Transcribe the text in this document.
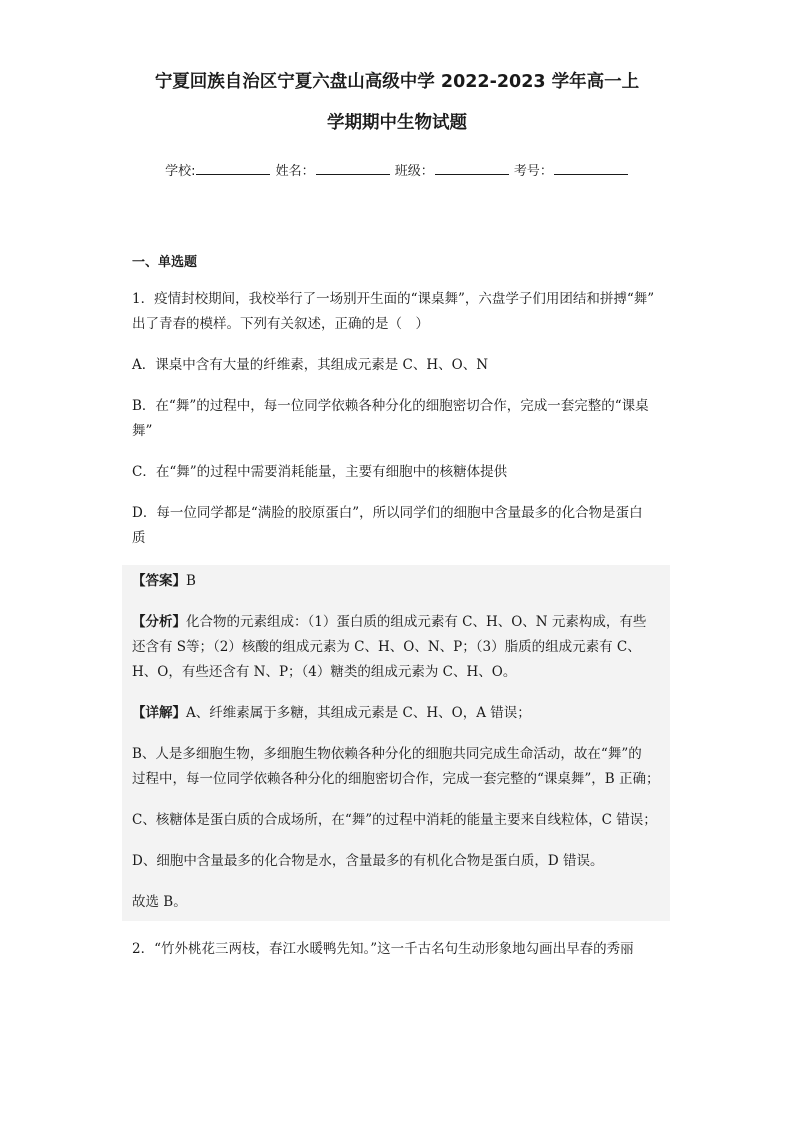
宁夏回族自治区宁夏六盘山高级中学 2022-2023 学年高一上

学期期中生物试题

学校:	姓名：	班级：	考号：
一、单选题

1．疫情封校期间，我校举行了一场别开生面的“课桌舞”，六盘学子们用团结和拼搏“舞”

出了青春的模样。下列有关叙述，正确的是（　）

A．课桌中含有大量的纤维素，其组成元素是 C、H、O、N

B．在“舞”的过程中，每一位同学依赖各种分化的细胞密切合作，完成一套完整的“课桌

舞”

C．在“舞”的过程中需要消耗能量，主要有细胞中的核糖体提供

D．每一位同学都是“满脸的胶原蛋白”，所以同学们的细胞中含量最多的化合物是蛋白

质

【答案】B

【分析】化合物的元素组成：（1）蛋白质的组成元素有 C、H、O、N 元素构成，有些

还含有 S等；（2）核酸的组成元素为 C、H、O、N、P；（3）脂质的组成元素有 C、

H、O，有些还含有 N、P；（4）糖类的组成元素为 C、H、O。

【详解】A、纤维素属于多糖，其组成元素是 C、H、O，A 错误；

B、人是多细胞生物，多细胞生物依赖各种分化的细胞共同完成生命活动，故在“舞”的

过程中，每一位同学依赖各种分化的细胞密切合作，完成一套完整的“课桌舞”，B 正确；

C、核糖体是蛋白质的合成场所，在“舞”的过程中消耗的能量主要来自线粒体，C 错误；

D、细胞中含量最多的化合物是水，含量最多的有机化合物是蛋白质，D 错误。

故选 B。

2．“竹外桃花三两枝，春江水暖鸭先知。”这一千古名句生动形象地勾画出早春的秀丽
